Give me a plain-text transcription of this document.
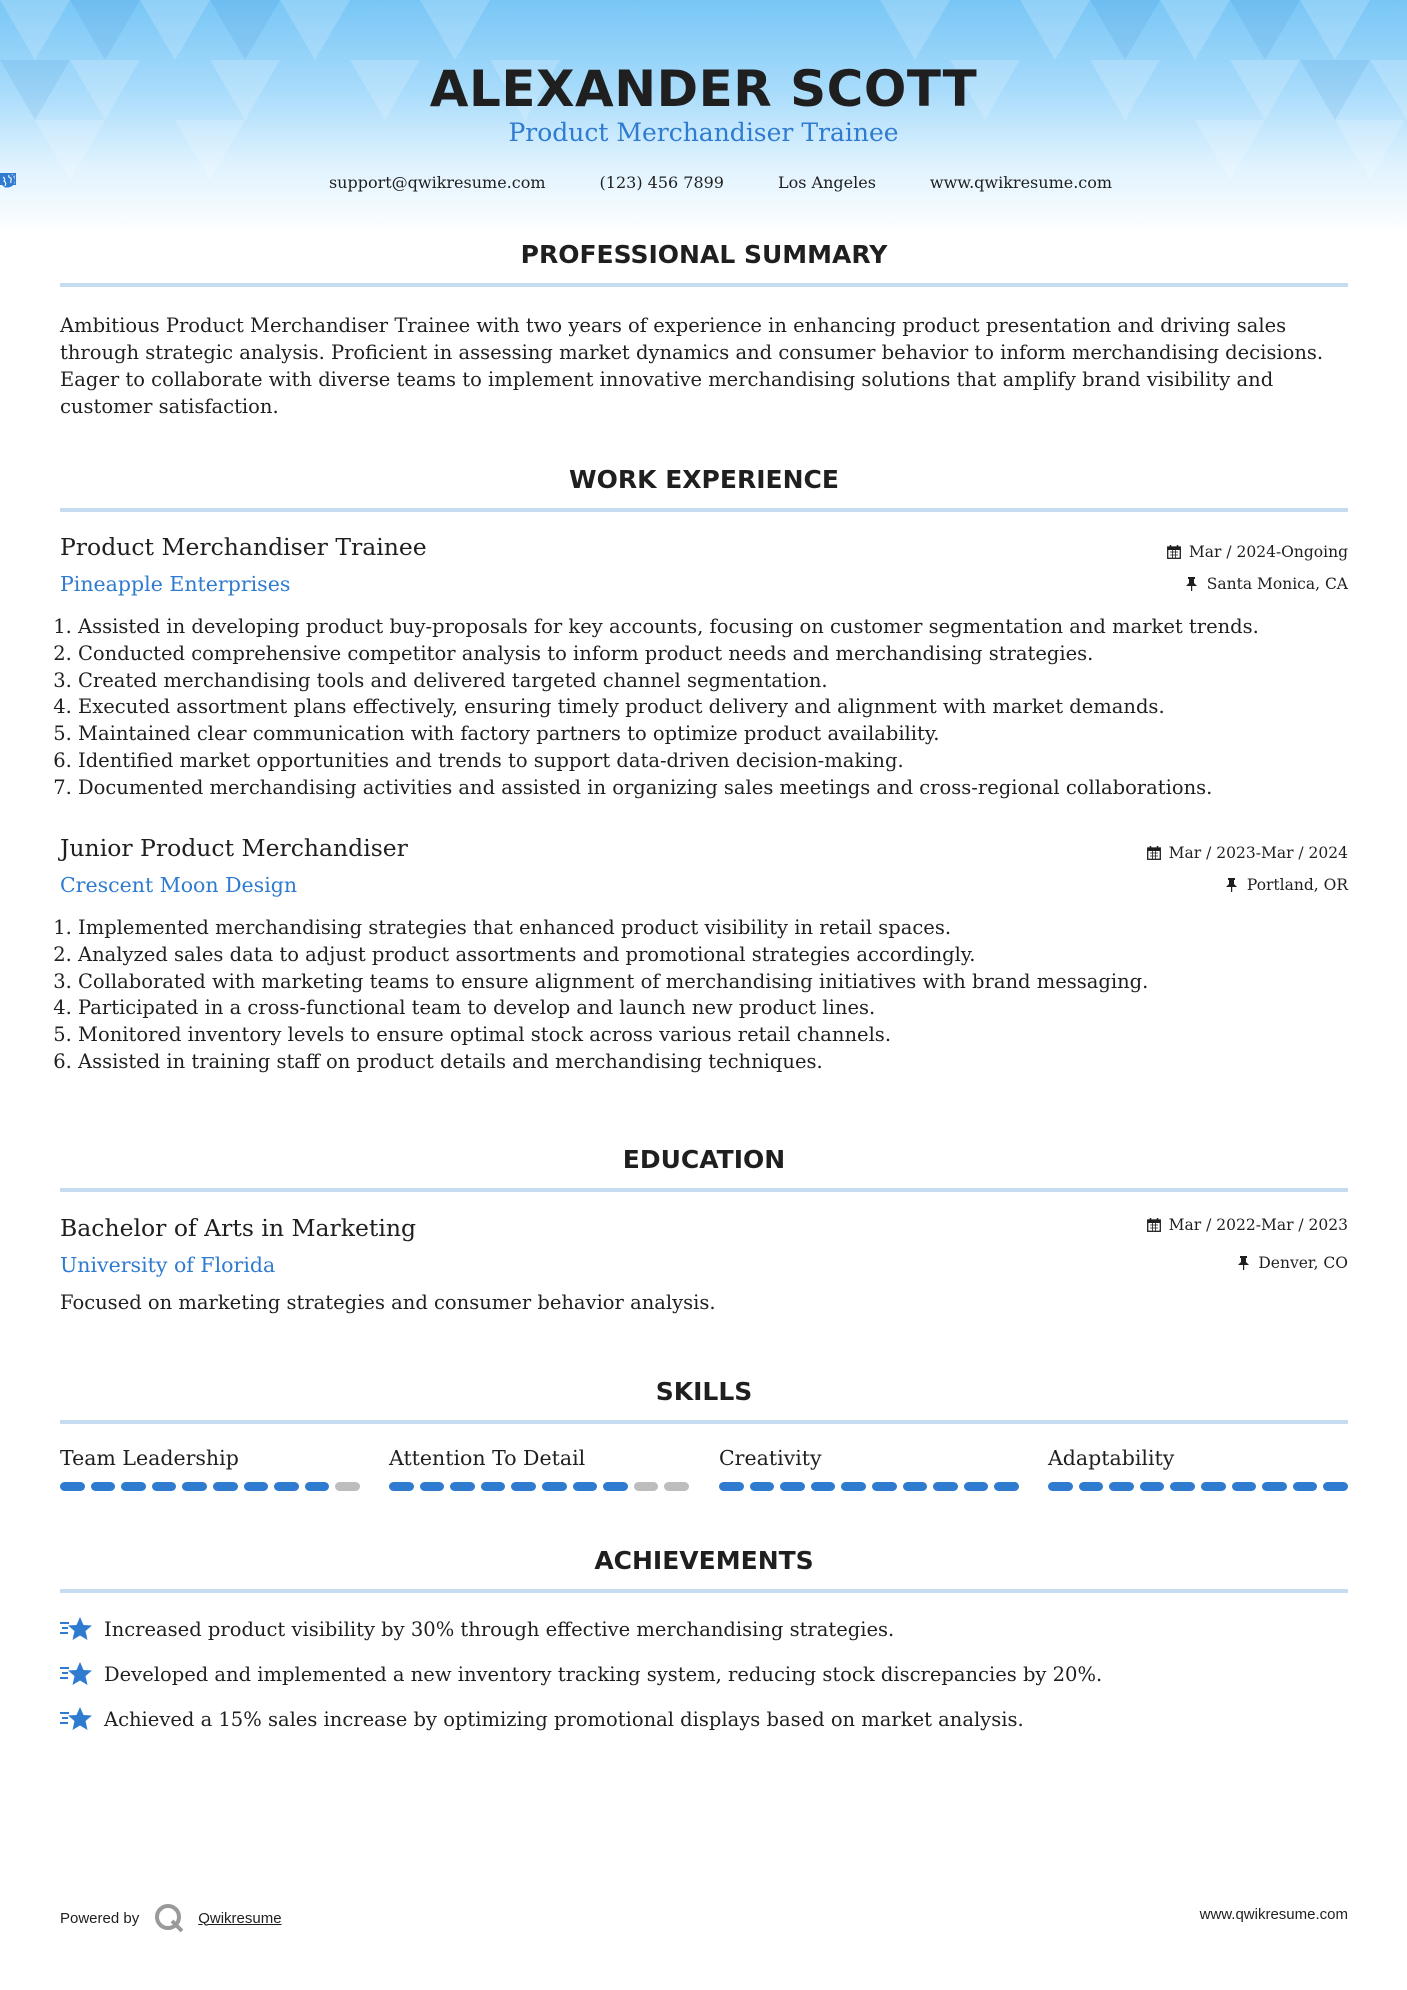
ALEXANDER SCOTT
Product Merchandiser Trainee
support@qwikresume.com	(123) 456 7899	Los Angeles	www.qwikresume.com
PROFESSIONAL SUMMARY
Ambitious Product Merchandiser Trainee with two years of experience in enhancing product presentation and driving sales through strategic analysis. Proficient in assessing market dynamics and consumer behavior to inform merchandising decisions. Eager to collaborate with diverse teams to implement innovative merchandising solutions that amplify brand visibility and customer satisfaction.
WORK EXPERIENCE
Product Merchandiser Trainee
Pineapple Enterprises
Mar / 2024-Ongoing
Santa Monica, CA
1. Assisted in developing product buy-proposals for key accounts, focusing on customer segmentation and market trends.
2. Conducted comprehensive competitor analysis to inform product needs and merchandising strategies.
3. Created merchandising tools and delivered targeted channel segmentation.
4. Executed assortment plans effectively, ensuring timely product delivery and alignment with market demands.
5. Maintained clear communication with factory partners to optimize product availability.
6. Identified market opportunities and trends to support data-driven decision-making.
7. Documented merchandising activities and assisted in organizing sales meetings and cross-regional collaborations.
Junior Product Merchandiser
Crescent Moon Design
Mar / 2023-Mar / 2024
Portland, OR
1. Implemented merchandising strategies that enhanced product visibility in retail spaces.
2. Analyzed sales data to adjust product assortments and promotional strategies accordingly.
3. Collaborated with marketing teams to ensure alignment of merchandising initiatives with brand messaging.
4. Participated in a cross-functional team to develop and launch new product lines.
5. Monitored inventory levels to ensure optimal stock across various retail channels.
6. Assisted in training staff on product details and merchandising techniques.
EDUCATION
Bachelor of Arts in Marketing
University of Florida
Mar / 2022-Mar / 2023
Denver, CO
Focused on marketing strategies and consumer behavior analysis.
SKILLS
Team Leadership	Attention To Detail	Creativity	Adaptability
ACHIEVEMENTS
Increased product visibility by 30% through effective merchandising strategies.
Developed and implemented a new inventory tracking system, reducing stock discrepancies by 20%.
Achieved a 15% sales increase by optimizing promotional displays based on market analysis.
Powered by	Qwikresume	www.qwikresume.com
